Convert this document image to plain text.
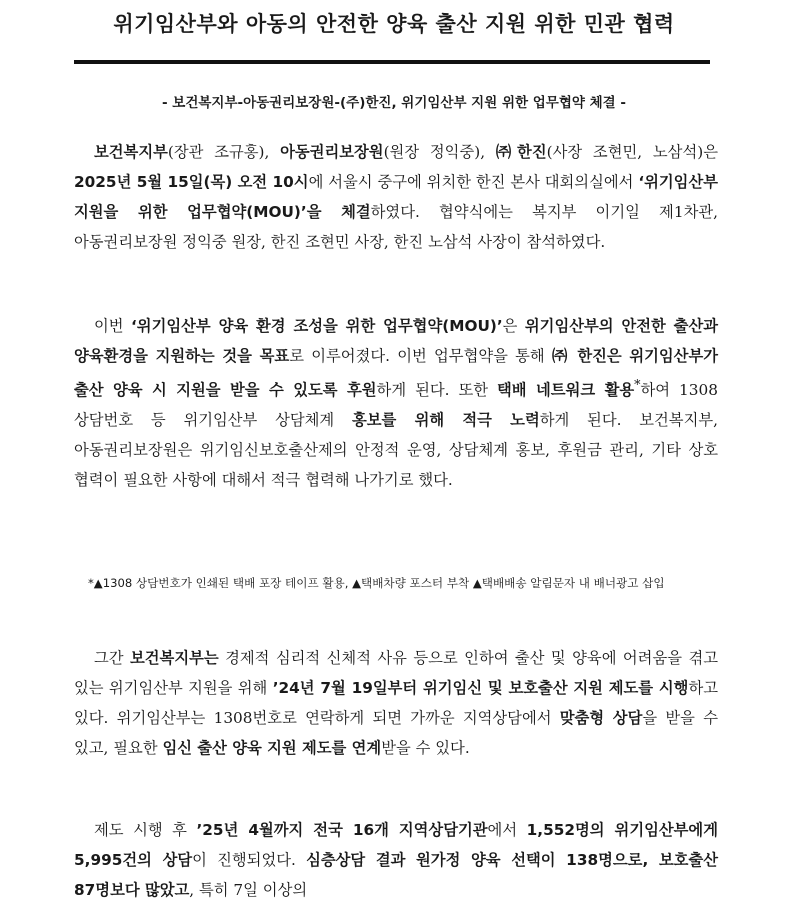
위기임산부와 아동의 안전한 양육 출산 지원 위한 민관 협력
- 보건복지부-아동권리보장원-(주)한진, 위기임산부 지원 위한 업무협약 체결 -

보건복지부(장관 조규홍), 아동권리보장원(원장 정익중), ㈜한진(사장 조현민, 노삼석)은 2025년 5월 15일(목) 오전 10시에 서울시 중구에 위치한 한진 본사 대회의실에서 ‘위기임산부 지원을 위한 업무협약(MOU)’을 체결하였다. 협약식에는 복지부 이기일 제1차관, 아동권리보장원 정익중 원장, 한진 조현민 사장, 한진 노삼석 사장이 참석하였다.

이번 ‘위기임산부 양육 환경 조성을 위한 업무협약(MOU)’은 위기임산부의 안전한 출산과 양육환경을 지원하는 것을 목표로 이루어졌다. 이번 업무협약을 통해 ㈜ 한진은 위기임산부가 출산 양육 시 지원을 받을 수 있도록 후원하게 된다. 또한 택배 네트워크 활용*하여 1308 상담번호 등 위기임산부 상담체계 홍보를 위해 적극 노력하게 된다. 보건복지부, 아동권리보장원은 위기임신보호출산제의 안정적 운영, 상담체계 홍보, 후원금 관리, 기타 상호 협력이 필요한 사항에 대해서 적극 협력해 나가기로 했다.

*▲1308 상담번호가 인쇄된 택배 포장 테이프 활용, ▲택배차량 포스터 부착 ▲택배배송 알림문자 내 배너광고 삽입

그간 보건복지부는 경제적 심리적 신체적 사유 등으로 인하여 출산 및 양육에 어려움을 겪고 있는 위기임산부 지원을 위해 ’24년 7월 19일부터 위기임신 및 보호출산 지원 제도를 시행하고 있다. 위기임산부는 1308번호로 연락하게 되면 가까운 지역상담에서 맞춤형 상담을 받을 수 있고, 필요한 임신 출산 양육 지원 제도를 연계받을 수 있다.

제도 시행 후 ’25년 4월까지 전국 16개 지역상담기관에서 1,552명의 위기임산부에게 5,995건의 상담이 진행되었다. 심층상담 결과 원가정 양육 선택이 138명으로, 보호출산 87명보다 많았고, 특히 7일 이상의
